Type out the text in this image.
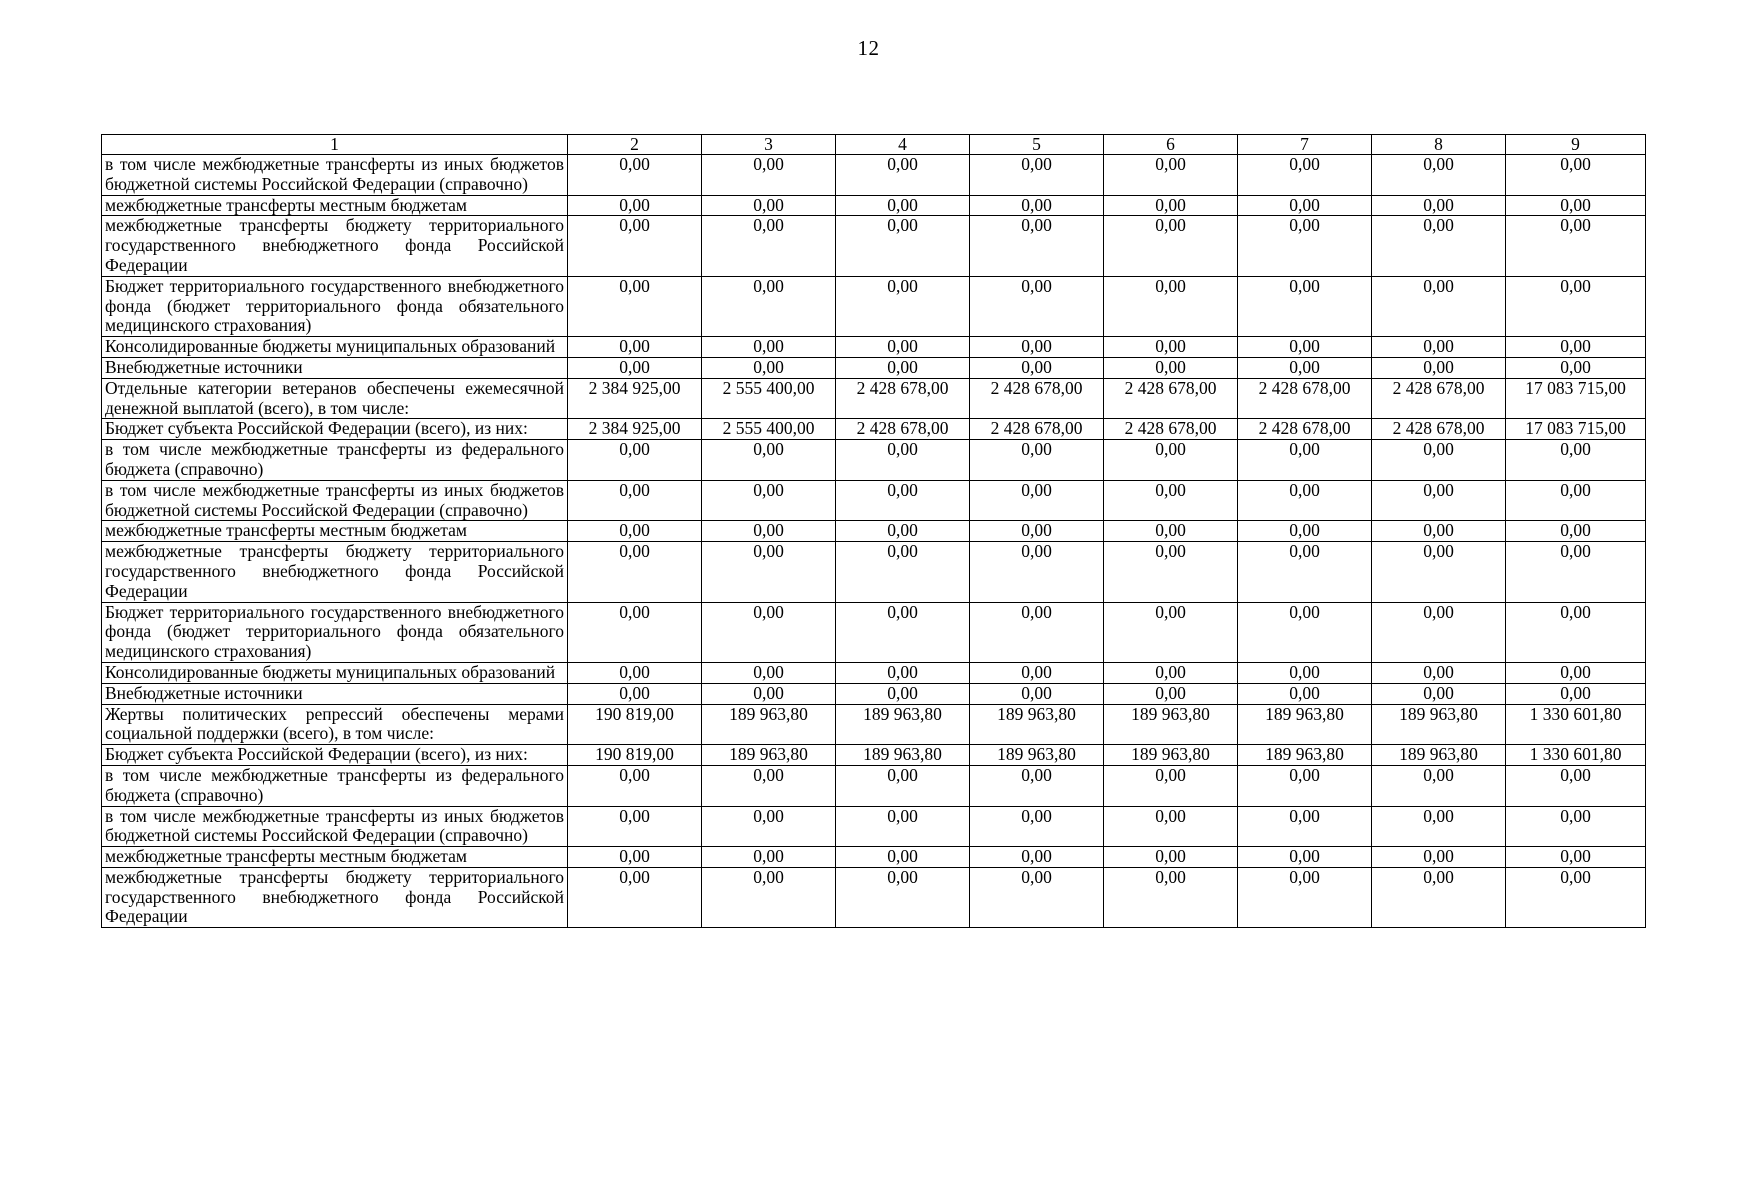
12
1	2	3	4	5	6	7	8	9
в том числе межбюджетные трансферты из иных бюджетов бюджетной системы Российской Федерации (справочно)	0,00	0,00	0,00	0,00	0,00	0,00	0,00	0,00
межбюджетные трансферты местным бюджетам	0,00	0,00	0,00	0,00	0,00	0,00	0,00	0,00
межбюджетные трансферты бюджету территориального государственного внебюджетного фонда Российской Федерации	0,00	0,00	0,00	0,00	0,00	0,00	0,00	0,00
Бюджет территориального государственного внебюджетного фонда (бюджет территориального фонда обязательного медицинского страхования)	0,00	0,00	0,00	0,00	0,00	0,00	0,00	0,00
Консолидированные бюджеты муниципальных образований	0,00	0,00	0,00	0,00	0,00	0,00	0,00	0,00
Внебюджетные источники	0,00	0,00	0,00	0,00	0,00	0,00	0,00	0,00
Отдельные категории ветеранов обеспечены ежемесячной денежной выплатой (всего), в том числе:	2 384 925,00	2 555 400,00	2 428 678,00	2 428 678,00	2 428 678,00	2 428 678,00	2 428 678,00	17 083 715,00
Бюджет субъекта Российской Федерации (всего), из них:	2 384 925,00	2 555 400,00	2 428 678,00	2 428 678,00	2 428 678,00	2 428 678,00	2 428 678,00	17 083 715,00
в том числе межбюджетные трансферты из федерального бюджета (справочно)	0,00	0,00	0,00	0,00	0,00	0,00	0,00	0,00
в том числе межбюджетные трансферты из иных бюджетов бюджетной системы Российской Федерации (справочно)	0,00	0,00	0,00	0,00	0,00	0,00	0,00	0,00
межбюджетные трансферты местным бюджетам	0,00	0,00	0,00	0,00	0,00	0,00	0,00	0,00
межбюджетные трансферты бюджету территориального государственного внебюджетного фонда Российской Федерации	0,00	0,00	0,00	0,00	0,00	0,00	0,00	0,00
Бюджет территориального государственного внебюджетного фонда (бюджет территориального фонда обязательного медицинского страхования)	0,00	0,00	0,00	0,00	0,00	0,00	0,00	0,00
Консолидированные бюджеты муниципальных образований	0,00	0,00	0,00	0,00	0,00	0,00	0,00	0,00
Внебюджетные источники	0,00	0,00	0,00	0,00	0,00	0,00	0,00	0,00
Жертвы политических репрессий обеспечены мерами социальной поддержки (всего), в том числе:	190 819,00	189 963,80	189 963,80	189 963,80	189 963,80	189 963,80	189 963,80	1 330 601,80
Бюджет субъекта Российской Федерации (всего), из них:	190 819,00	189 963,80	189 963,80	189 963,80	189 963,80	189 963,80	189 963,80	1 330 601,80
в том числе межбюджетные трансферты из федерального бюджета (справочно)	0,00	0,00	0,00	0,00	0,00	0,00	0,00	0,00
в том числе межбюджетные трансферты из иных бюджетов бюджетной системы Российской Федерации (справочно)	0,00	0,00	0,00	0,00	0,00	0,00	0,00	0,00
межбюджетные трансферты местным бюджетам	0,00	0,00	0,00	0,00	0,00	0,00	0,00	0,00
межбюджетные трансферты бюджету территориального государственного внебюджетного фонда Российской Федерации	0,00	0,00	0,00	0,00	0,00	0,00	0,00	0,00
